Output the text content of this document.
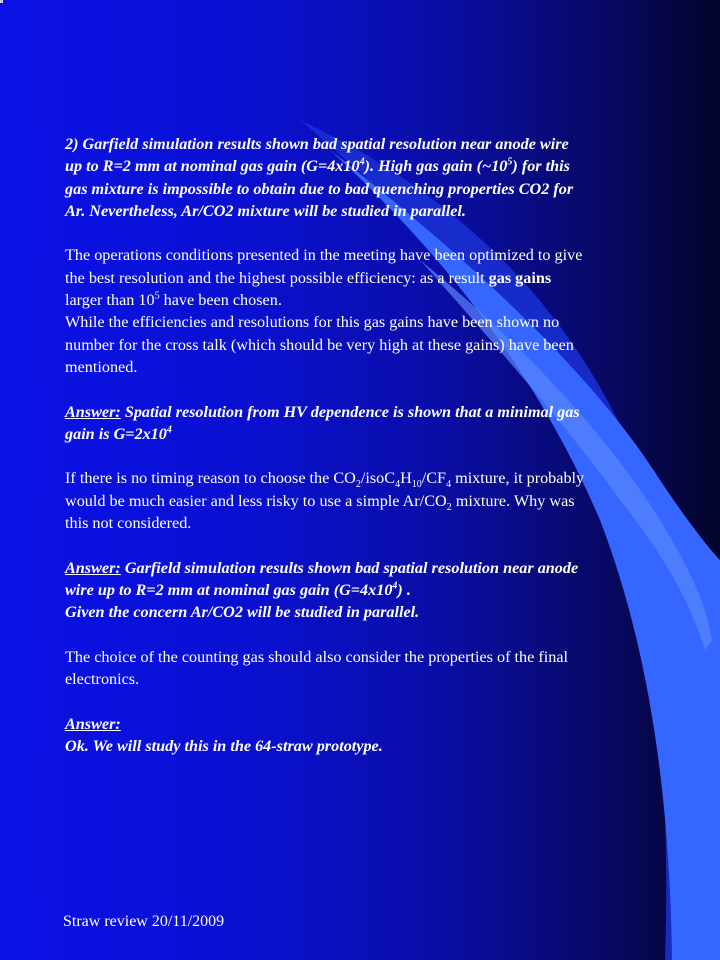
2) Garfield simulation results shown bad spatial resolution near anode wire
up to R=2 mm at nominal gas gain $(G=4x10^4)$. High gas gain $(\sim 10^5)$ for this
gas mixture is impossible to obtain due to bad quenching properties CO2 for
Ar. Nevertheless, Ar/CO2 mixture will be studied in parallel.

The operations conditions presented in the meeting have been optimized to give
the best resolution and the highest possible efficiency: as a result gas gains
larger than $10^5$ have been chosen.
While the efficiencies and resolutions for this gas gains have been shown no
number for the cross talk (which should be very high at these gains) have been
mentioned.

Answer: Spatial resolution from HV dependence is shown that a minimal gas
gain is $G=2x10^4$

If there is no timing reason to choose the $CO_2/isoC_4H_{10}/CF_4$ mixture, it probably
would be much easier and less risky to use a simple $Ar/CO_2$ mixture. Why was
this not considered.

Answer: Garfield simulation results shown bad spatial resolution near anode
wire up to R=2 mm at nominal gas gain $(G=4x10^4)$ .
Given the concern Ar/CO2 will be studied in parallel.

The choice of the counting gas should also consider the properties of the final
electronics.

Answer:
Ok. We will study this in the 64-straw prototype.

Straw review 20/11/2009
